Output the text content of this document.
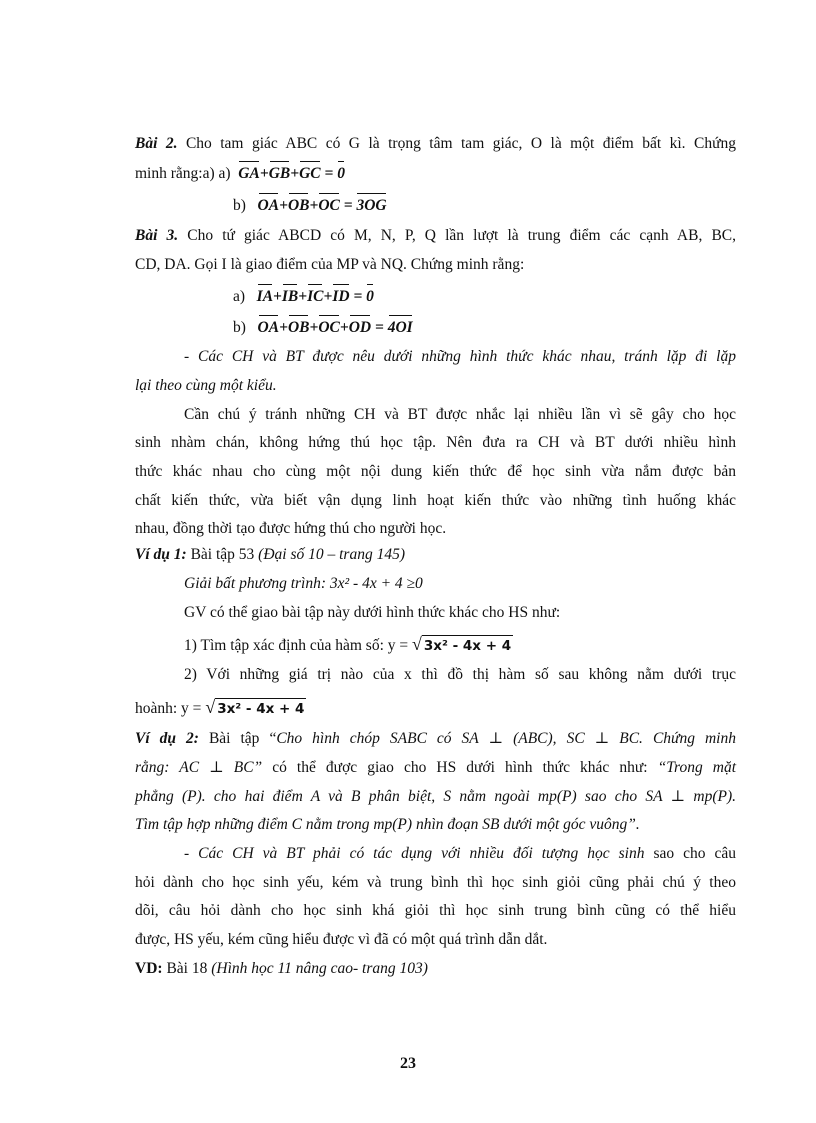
Bài 2. Cho tam giác ABC có G là trọng tâm tam giác, O là một điểm bất kì. Chứng
minh rằng:a) a) GA+GB+GC = 0
b) OA+OB+OC = 3OG
Bài 3. Cho tứ giác ABCD có M, N, P, Q lần lượt là trung điểm các cạnh AB, BC,
CD, DA. Gọi I là giao điểm của MP và NQ. Chứng minh rằng:
a) IA+IB+IC+ID = 0
b) OA+OB+OC+OD = 4OI
- Các CH và BT được nêu dưới những hình thức khác nhau, tránh lặp đi lặp
lại theo cùng một kiểu.
Cần chú ý tránh những CH và BT được nhắc lại nhiều lần vì sẽ gây cho học
sinh nhàm chán, không hứng thú học tập. Nên đưa ra CH và BT dưới nhiều hình
thức khác nhau cho cùng một nội dung kiến thức để học sinh vừa nắm được bản
chất kiến thức, vừa biết vận dụng linh hoạt kiến thức vào những tình huống khác
nhau, đồng thời tạo được hứng thú cho người học.
Ví dụ 1: Bài tập 53 (Đại số 10 – trang 145)
Giải bất phương trình: 3x² - 4x + 4 ≥0
GV có thể giao bài tập này dưới hình thức khác cho HS như:
1) Tìm tập xác định của hàm số: y = √ 3x² - 4x + 4
2) Với những giá trị nào của x thì đồ thị hàm số sau không nằm dưới trục
hoành: y = √ 3x² - 4x + 4
Ví dụ 2: Bài tập “Cho hình chóp SABC có SA ⊥ (ABC), SC ⊥ BC. Chứng minh
rằng: AC ⊥ BC” có thể được giao cho HS dưới hình thức khác như: “Trong mặt
phẳng (P). cho hai điểm A và B phân biệt, S nằm ngoài mp(P) sao cho SA ⊥ mp(P).
Tìm tập hợp những điểm C nằm trong mp(P) nhìn đoạn SB dưới một góc vuông”.
- Các CH và BT phải có tác dụng với nhiều đối tượng học sinh sao cho câu
hỏi dành cho học sinh yếu, kém và trung bình thì học sinh giỏi cũng phải chú ý theo
dõi, câu hỏi dành cho học sinh khá giỏi thì học sinh trung bình cũng có thể hiểu
được, HS yếu, kém cũng hiểu được vì đã có một quá trình dẫn dắt.
VD: Bài 18 (Hình học 11 nâng cao- trang 103)
23
